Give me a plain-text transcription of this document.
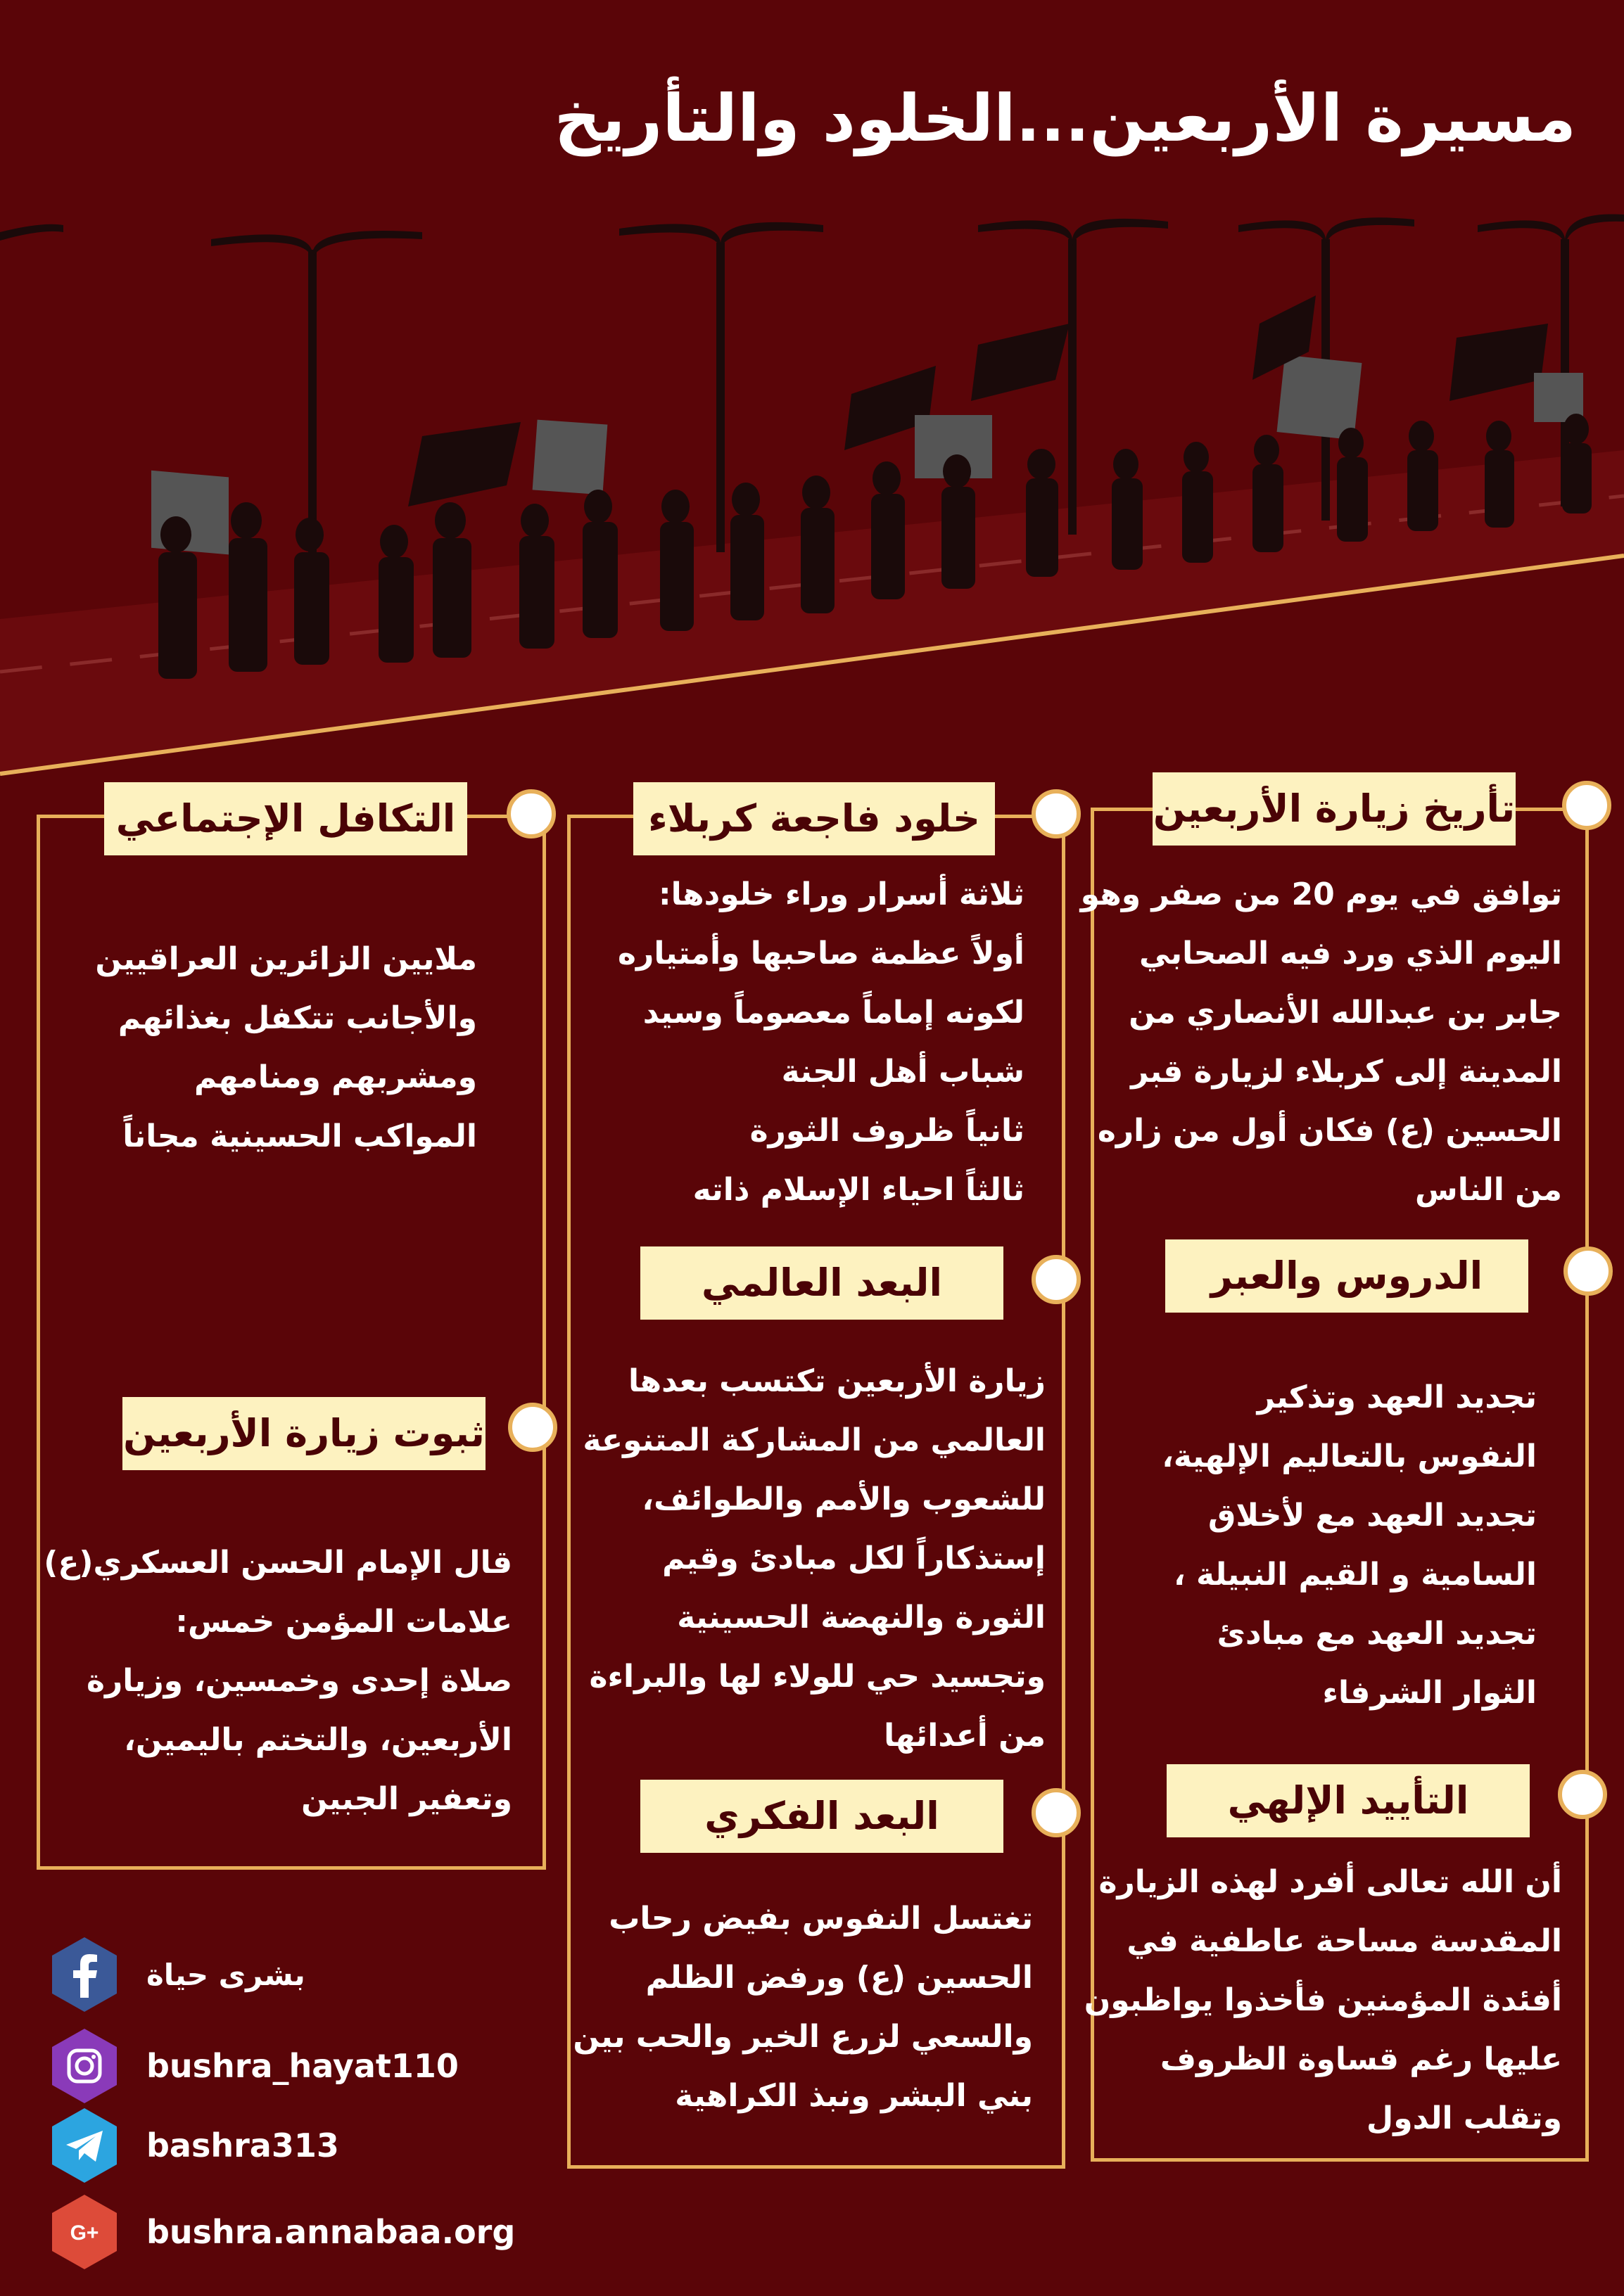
مسيرة الأربعين...الخلود والتأريخ
تأريخ زيارة الأربعين
توافق في يوم 20 من صفر وهو
اليوم الذي ورد فيه الصحابي
جابر بن عبدالله الأنصاري من
المدينة إلى كربلاء لزيارة قبر
الحسين (ع) فكان أول من زاره
من الناس
الدروس والعبر
تجديد العهد وتذكير
النفوس بالتعاليم الإلهية،
تجديد العهد مع لأخلاق
السامية و القيم النبيلة ،
تجديد العهد مع مبادئ
الثوار الشرفاء
التأييد الإلهي
أن الله تعالى أفرد لهذه الزيارة
المقدسة مساحة عاطفية في
أفئدة المؤمنين فأخذوا يواظبون
عليها رغم قساوة الظروف
وتقلب الدول
خلود فاجعة كربلاء
ثلاثة أسرار وراء خلودها:
أولاً عظمة صاحبها وأمتياره
لكونه إماماً معصوماً وسيد
شباب أهل الجنة
ثانياً ظروف الثورة
ثالثاً احياء الإسلام ذاته
البعد العالمي
زيارة الأربعين تكتسب بعدها
العالمي من المشاركة المتنوعة
للشعوب والأمم والطوائف،
إستذكاراً لكل مبادئ وقيم
الثورة والنهضة الحسينية
وتجسيد حي للولاء لها والبراءة
من أعدائها
البعد الفكري
تغتسل النفوس بفيض رحاب
الحسين (ع) ورفض الظلم
والسعي لزرع الخير والحب بين
بني البشر ونبذ الكراهية
التكافل الإجتماعي
ملايين الزائرين العراقيين
والأجانب تتكفل بغذائهم
ومشربهم ومنامهم
المواكب الحسينية مجاناً
ثبوت زيارة الأربعين
قال الإمام الحسن العسكري(ع)
علامات المؤمن خمس:
صلاة إحدى وخمسين، وزيارة
الأربعين، والتختم باليمين،
وتعفير الجبين
بشرى حياة
bushra_hayat110
bashra313
G+ bushra.annabaa.org
